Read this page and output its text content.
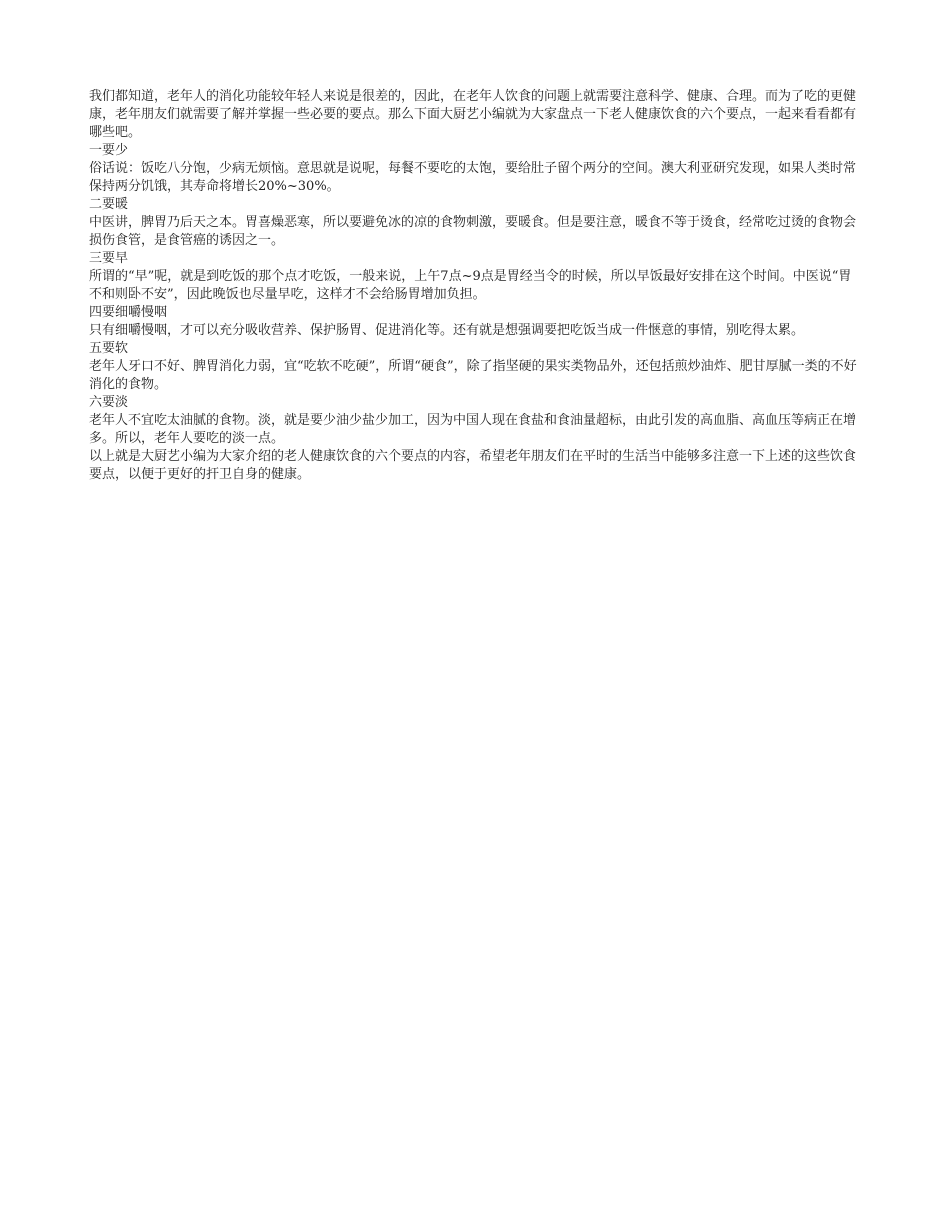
我们都知道，老年人的消化功能较年轻人来说是很差的，因此，在老年人饮食的问题上就需要注意科学、健康、合理。而为了吃的更健康，老年朋友们就需要了解并掌握一些必要的要点。那么下面大厨艺小编就为大家盘点一下老人健康饮食的六个要点，一起来看看都有哪些吧。

一要少

俗话说：饭吃八分饱，少病无烦恼。意思就是说呢，每餐不要吃的太饱，要给肚子留个两分的空间。澳大利亚研究发现，如果人类时常保持两分饥饿，其寿命将增长20%~30%。

二要暖

中医讲，脾胃乃后天之本。胃喜燥恶寒，所以要避免冰的凉的食物刺激，要暖食。但是要注意，暖食不等于烫食，经常吃过烫的食物会损伤食管，是食管癌的诱因之一。

三要早

所谓的“早”呢，就是到吃饭的那个点才吃饭，一般来说，上午7点~9点是胃经当令的时候，所以早饭最好安排在这个时间。中医说“胃不和则卧不安”，因此晚饭也尽量早吃，这样才不会给肠胃增加负担。

四要细嚼慢咽

只有细嚼慢咽，才可以充分吸收营养、保护肠胃、促进消化等。还有就是想强调要把吃饭当成一件惬意的事情，别吃得太累。

五要软

老年人牙口不好、脾胃消化力弱，宜“吃软不吃硬”，所谓“硬食”，除了指坚硬的果实类物品外，还包括煎炒油炸、肥甘厚腻一类的不好消化的食物。

六要淡

老年人不宜吃太油腻的食物。淡，就是要少油少盐少加工，因为中国人现在食盐和食油量超标，由此引发的高血脂、高血压等病正在增多。所以，老年人要吃的淡一点。

以上就是大厨艺小编为大家介绍的老人健康饮食的六个要点的内容，希望老年朋友们在平时的生活当中能够多注意一下上述的这些饮食要点，以便于更好的扞卫自身的健康。
